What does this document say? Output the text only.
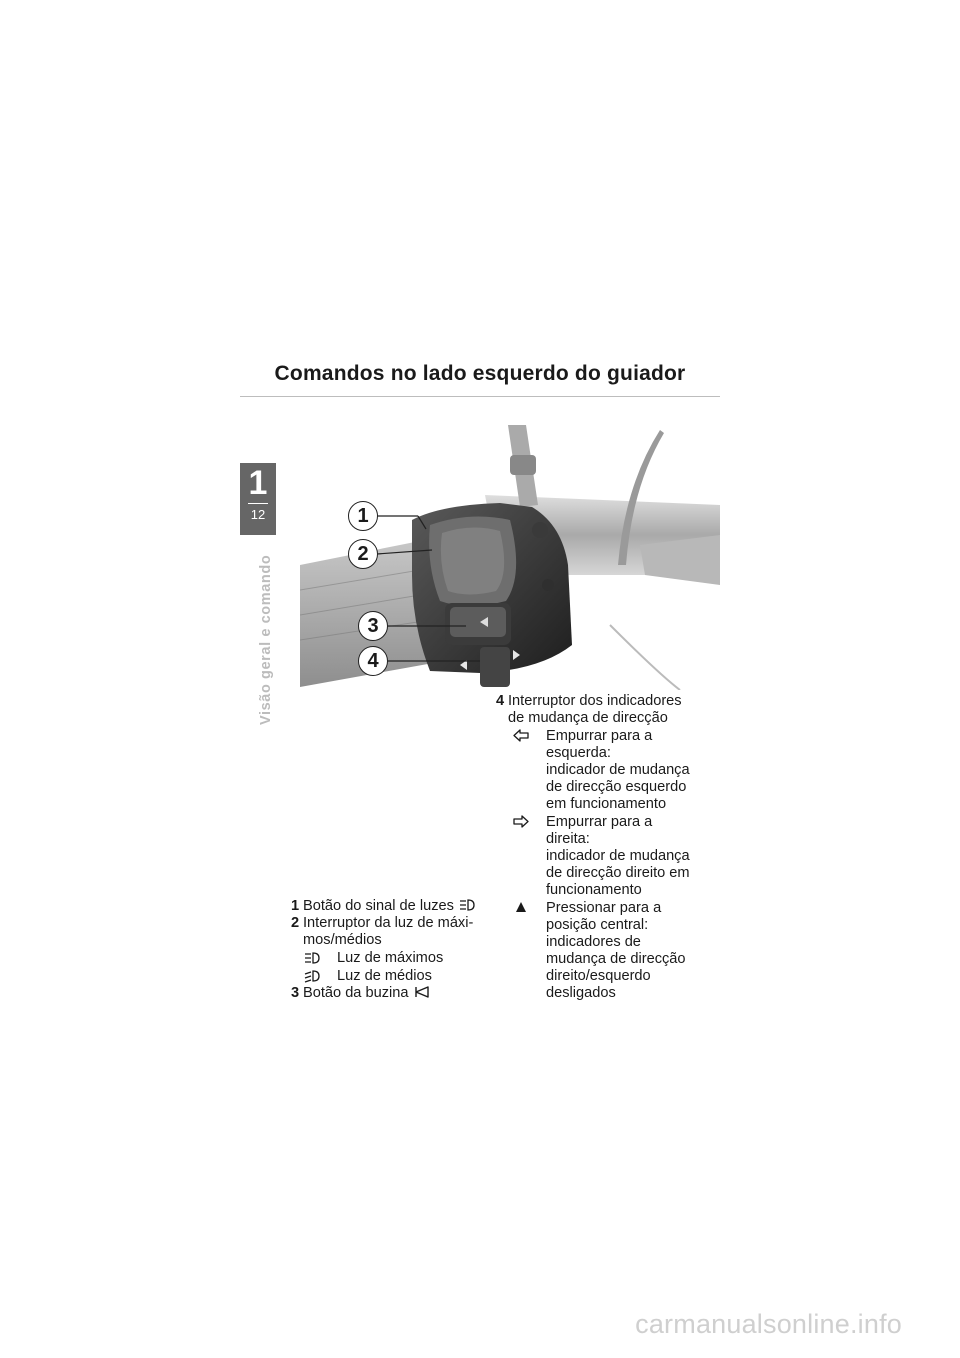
Comandos no lado esquerdo do guiador
1
12
Visão geral e comando
1
2
3
4
1 Botão do sinal de luzes
2 Interruptor da luz de máxi-
mos/médios
Luz de máximos
Luz de médios
3 Botão da buzina
4 Interruptor dos indicadores
de mudança de direcção
Empurrar para a
esquerda:
indicador de mudança
de direcção esquerdo
em funcionamento
Empurrar para a
direita:
indicador de mudança
de direcção direito em
funcionamento
Pressionar para a
posição central:
indicadores de
mudança de direcção
direito/esquerdo
desligados
carmanualsonline.info
